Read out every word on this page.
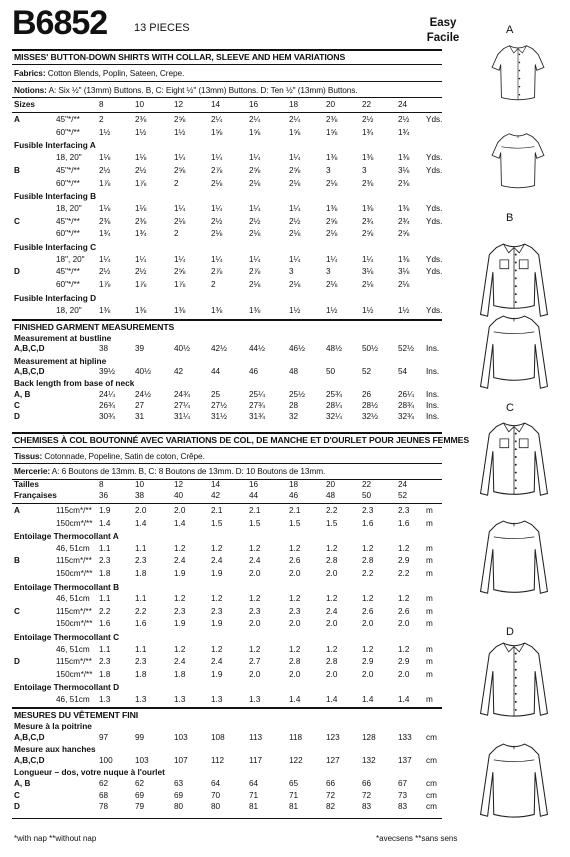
B6852 13 PIECES	Easy
Facile
MISSES' BUTTON-DOWN SHIRTS WITH COLLAR, SLEEVE AND HEM VARIATIONS
Fabrics: Cotton Blends, Poplin, Sateen, Crepe.
Notions: A: Six ½" (13mm) Buttons. B, C: Eight ½" (13mm) Buttons. D: Ten ½" (13mm) Buttons.
Sizes	8	10	12	14	16	18	20	22	24
A	45"*/** 2	2⅜	2⅝	2¼	2¼	2¼	2⅜	2½	2½ Yds.
60"*/** 1½	1½	1½	1⅝	1⅝	1⅝	1⅝	1¾	1¾
Fusible Interfacing A
18, 20" 1⅛	1⅛	1¼	1¼	1¼	1¼	1⅜	1⅜	1⅜ Yds.
B	45"*/** 2½	2½	2⅝	2⅞	2⅝	2⅝	3	3	3⅛ Yds.
60"*/** 1⅞	1⅞	2	2⅛	2⅛	2⅛	2⅛	2⅜	2⅜
Fusible Interfacing B
18, 20" 1⅛	1⅛	1¼	1¼	1¼	1¼	1⅜	1⅜	1⅜ Yds.
C	45"*/** 2⅜	2⅜	2⅛	2½	2½	2½	2⅝	2¾	2¾ Yds.
60"*/** 1¾	1¾	2	2⅛	2⅛	2⅛	2⅛	2⅝	2⅝
Fusible Interfacing C
18", 20" 1¼	1¼	1¼	1¼	1¼	1¼	1¼	1¼	1⅜ Yds.
D	45"*/** 2½	2½	2⅝	2⅞	2⅞	3	3	3⅛	3⅛ Yds.
60"*/** 1⅞	1⅞	1⅞	2	2⅛	2⅛	2⅛	2⅛	2⅛
Fusible Interfacing D
18, 20" 1⅜	1⅜	1⅜	1⅜	1⅜	1½	1½	1½	1½ Yds.
FINISHED GARMENT MEASUREMENTS
Measurement at bustline
A,B,C,D	38	39	40½	42½	44½	46½	48½ 50½ 52½ Ins.
Measurement at hipline
A,B,C,D	39½ 40½	42	44	46	48	50	52	54 Ins.
Back length from base of neck
A, B	24¼ 24½	24¾	25	25¼	25½	25¾ 26	26¼ Ins.
C	26¾ 27	27¼	27½	27¾	28	28¼ 28½ 28¾ Ins.
D	30¾ 31	31¼	31½	31¾	32	32¼ 32½ 32¾ Ins.
CHEMISES À COL BOUTONNÉ AVEC VARIATIONS DE COL, DE MANCHE ET D'OURLET POUR JEUNES FEMMES
Tissus: Cotonnade, Popeline, Satin de coton, Crêpe.
Mercerie: A: 6 Boutons de 13mm. B, C: 8 Boutons de 13mm. D: 10 Boutons de 13mm.
Tailles	8	10	12	14	16	18	20	22	24
Françaises	36	38	40	42	44	46	48	50	52
A	115cm*/** 1.9	2.0	2.0	2.1	2.1	2.1	2.2	2.3	2.3 m
150cm*/** 1.4	1.4	1.4	1.5	1.5	1.5	1.5	1.6	1.6 m
Entoilage Thermocollant A
46, 51cm 1.1	1.1	1.2	1.2	1.2	1.2	1.2	1.2	1.2 m
B	115cm*/** 2.3	2.3	2.4	2.4	2.4	2.6	2.8	2.8	2.9 m
150cm*/** 1.8	1.8	1.9	1.9	2.0	2.0	2.0	2.2	2.2 m
Entoilage Thermocollant B
46, 51cm 1.1	1.1	1.2	1.2	1.2	1.2	1.2	1.2	1.2 m
C	115cm*/** 2.2	2.2	2.3	2.3	2.3	2.3	2.4	2.6	2.6 m
150cm*/** 1.6	1.6	1.9	1.9	2.0	2.0	2.0	2.0	2.0 m
Entoilage Thermocollant C
46, 51cm 1.1	1.1	1.2	1.2	1.2	1.2	1.2	1.2	1.2 m
D	115cm*/** 2.3	2.3	2.4	2.4	2.7	2.8	2.8	2.9	2.9 m
150cm*/** 1.8	1.8	1.8	1.9	2.0	2.0	2.0	2.0	2.0 m
Entoilage Thermocollant D
46, 51cm 1.3	1.3	1.3	1.3	1.3	1.4	1.4	1.4	1.4 m
MESURES DU VÊTEMENT FINI
Mesure à la poitrine
A,B,C,D	97	99	103	108	113	118	123	128	133 cm
Mesure aux hanches
A,B,C,D	100	103	107	112	117	122	127	132	137 cm
Longueur – dos, votre nuque à l'ourlet
A, B	62	62	63	64	64	65	66	66	67 cm
C	68	69	69	70	71	71	72	72	73 cm
D	78	79	80	80	81	81	82	83	83 cm
*with nap **without nap	*avecsens **sans sens
A
B
C
D
